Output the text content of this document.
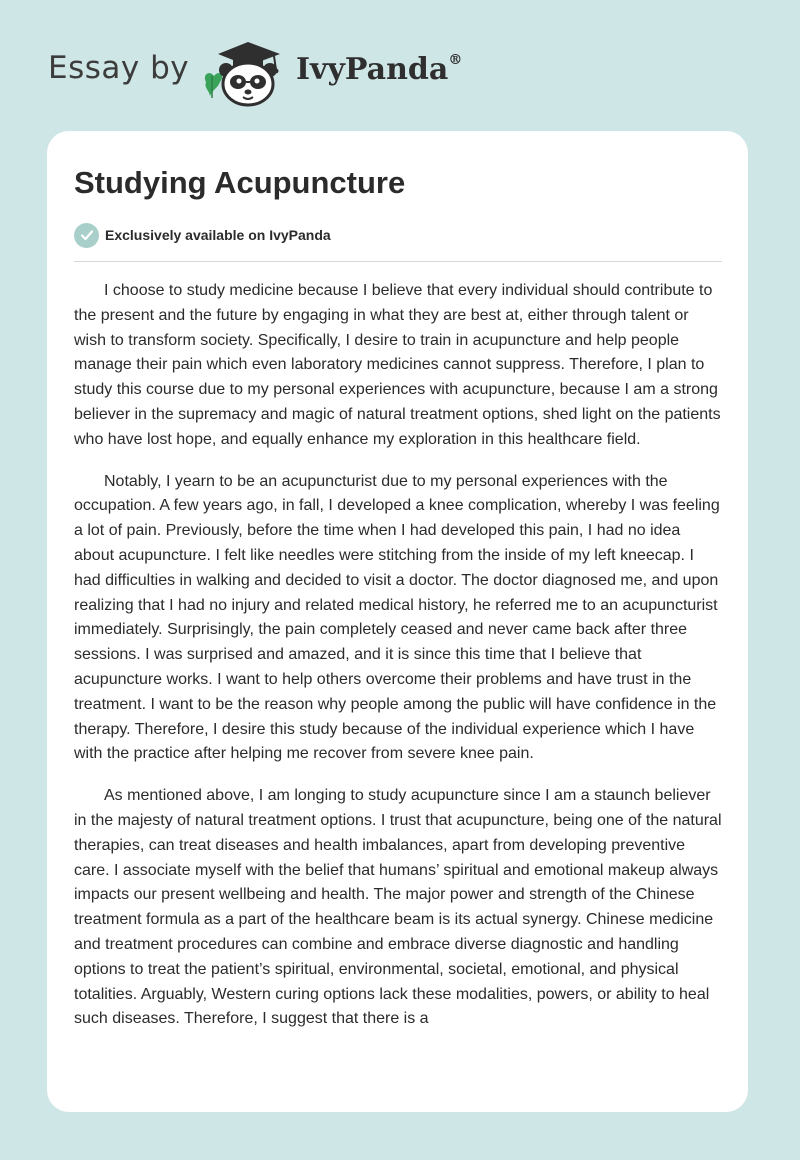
Essay by	IvyPanda®
Studying Acupuncture
Exclusively available on IvyPanda

I choose to study medicine because I believe that every individual should contribute to the present and the future by engaging in what they are best at, either through talent or wish to transform society. Specifically, I desire to train in acupuncture and help people manage their pain which even laboratory medicines cannot suppress. Therefore, I plan to study this course due to my personal experiences with acupuncture, because I am a strong believer in the supremacy and magic of natural treatment options, shed light on the patients who have lost hope, and equally enhance my exploration in this healthcare field.

Notably, I yearn to be an acupuncturist due to my personal experiences with the occupation. A few years ago, in fall, I developed a knee complication, whereby I was feeling a lot of pain. Previously, before the time when I had developed this pain, I had no idea about acupuncture. I felt like needles were stitching from the inside of my left kneecap. I had difficulties in walking and decided to visit a doctor. The doctor diagnosed me, and upon realizing that I had no injury and related medical history, he referred me to an acupuncturist immediately. Surprisingly, the pain completely ceased and never came back after three sessions. I was surprised and amazed, and it is since this time that I believe that acupuncture works. I want to help others overcome their problems and have trust in the treatment. I want to be the reason why people among the public will have confidence in the therapy. Therefore, I desire this study because of the individual experience which I have with the practice after helping me recover from severe knee pain.

As mentioned above, I am longing to study acupuncture since I am a staunch believer in the majesty of natural treatment options. I trust that acupuncture, being one of the natural therapies, can treat diseases and health imbalances, apart from developing preventive care. I associate myself with the belief that humans’ spiritual and emotional makeup always impacts our present wellbeing and health. The major power and strength of the Chinese treatment formula as a part of the healthcare beam is its actual synergy. Chinese medicine and treatment procedures can combine and embrace diverse diagnostic and handling options to treat the patient’s spiritual, environmental, societal, emotional, and physical totalities. Arguably, Western curing options lack these modalities, powers, or ability to heal such diseases. Therefore, I suggest that there is a
